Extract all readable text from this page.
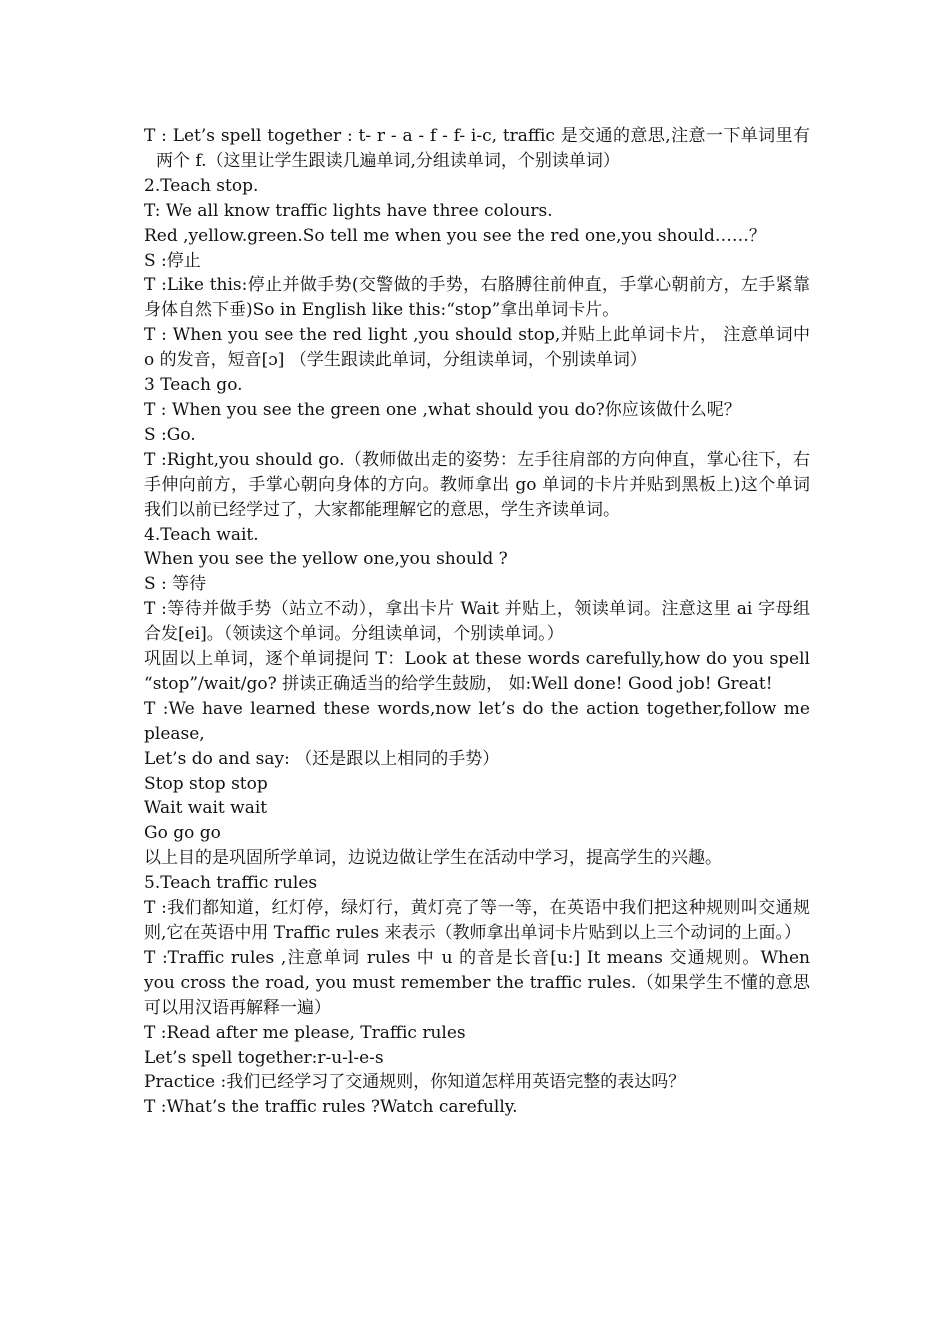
T : Let’s spell together : t- r - a - f - f- i-c, traffic 是交通的意思,注意一下单词里有两个 f.（这里让学生跟读几遍单词,分组读单词，个别读单词）

2.Teach stop.

T: We all know traffic lights have three colours.

Red ,yellow.green.So tell me when you see the red one,you should……？

S :停止

T :Like this:停止并做手势(交警做的手势，右胳膊往前伸直，手掌心朝前方，左手紧靠身体自然下垂)So in English like this:“stop”拿出单词卡片。

T : When you see the red light ,you should stop,并贴上此单词卡片， 注意单词中 o 的发音，短音[ɔ] （学生跟读此单词，分组读单词，个别读单词）

3 Teach go.

T : When you see the green one ,what should you do?你应该做什么呢？

S :Go.

T :Right,you should go.（教师做出走的姿势：左手往肩部的方向伸直，掌心往下，右手伸向前方，手掌心朝向身体的方向。教师拿出 go 单词的卡片并贴到黑板上)这个单词我们以前已经学过了，大家都能理解它的意思，学生齐读单词。

4.Teach wait.

When you see the yellow one,you should ?

S : 等待

T :等待并做手势（站立不动），拿出卡片 Wait 并贴上，领读单词。注意这里 ai 字母组合发[ei]。（领读这个单词。分组读单词，个别读单词。）

巩固以上单词，逐个单词提问 T：Look at these words carefully,how do you spell “stop”/wait/go? 拼读正确适当的给学生鼓励， 如:Well done! Good job! Great!

T :We have learned these words,now let’s do the action together,follow me please,

Let’s do and say: （还是跟以上相同的手势）

Stop stop stop

Wait wait wait

Go go go

以上目的是巩固所学单词，边说边做让学生在活动中学习，提高学生的兴趣。

5.Teach traffic rules

T :我们都知道，红灯停，绿灯行，黄灯亮了等一等，在英语中我们把这种规则叫交通规则,它在英语中用 Traffic rules 来表示（教师拿出单词卡片贴到以上三个动词的上面。）

T :Traffic rules ,注意单词 rules 中 u 的音是长音[u:] It means 交通规则。When you cross the road, you must remember the traffic rules.（如果学生不懂的意思可以用汉语再解释一遍）

T :Read after me please, Traffic rules

Let’s spell together:r-u-l-e-s

Practice :我们已经学习了交通规则，你知道怎样用英语完整的表达吗？

T :What’s the traffic rules ?Watch carefully.
